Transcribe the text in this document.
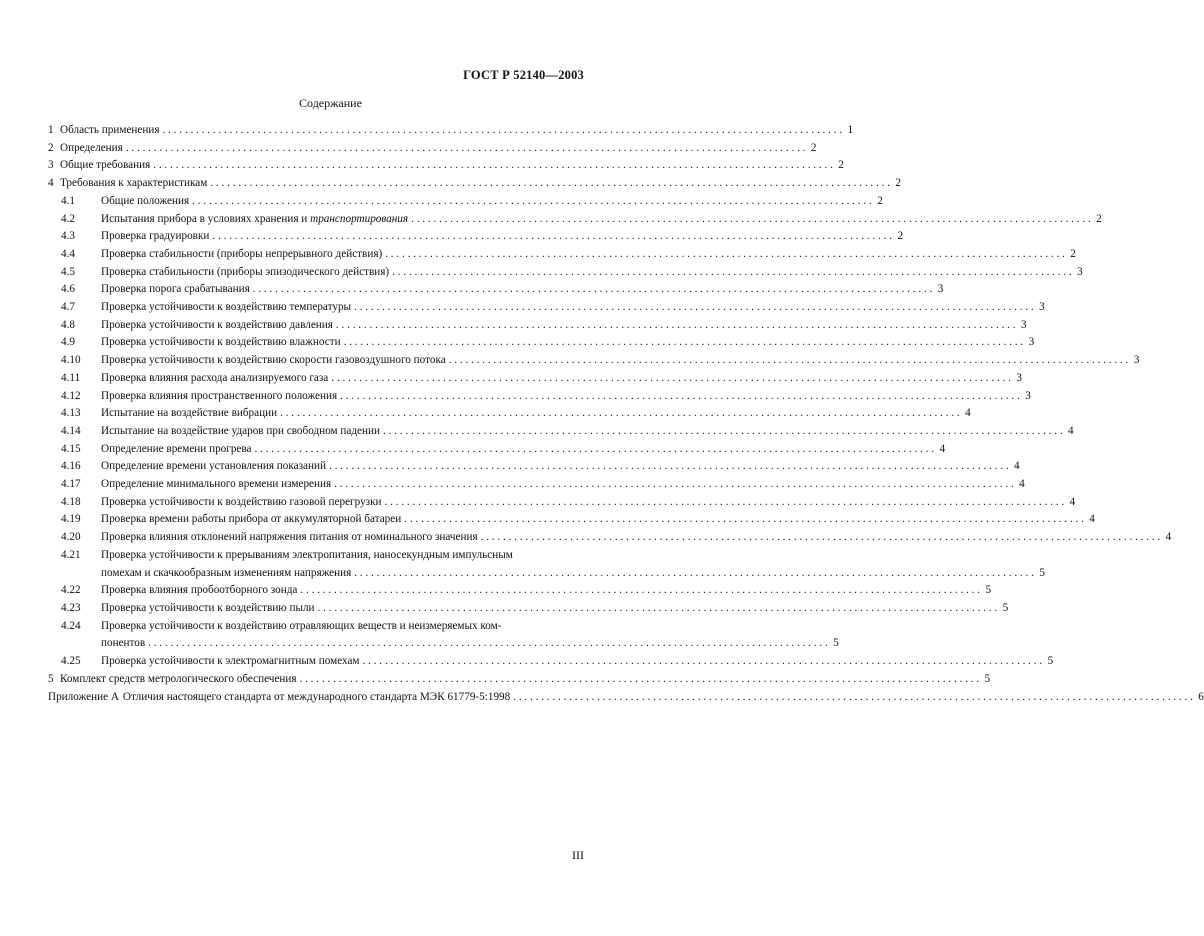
ГОСТ Р 52140—2003
Содержание
1 Область применения . . .	1
2 Определения . . .	2
3 Общие требования . . .	2
4 Требования к характеристикам . . .	2
4.1	Общие положения . . .	2
4.2	Испытания прибора в условиях хранения и транспортирования . . .	2
4.3	Проверка градуировки . . .	2
4.4	Проверка стабильности (приборы непрерывного действия) . . .	2
4.5	Проверка стабильности (приборы эпизодического действия) . . .	3
4.6	Проверка порога срабатывания . . .	3
4.7	Проверка устойчивости к воздействию температуры . . .	3
4.8	Проверка устойчивости к воздействию давления . . .	3
4.9	Проверка устойчивости к воздействию влажности . . .	3
4.10	Проверка устойчивости к воздействию скорости газовоздушного потока . . .	3
4.11	Проверка влияния расхода анализируемого газа . . .	3
4.12	Проверка влияния пространственного положения . . .	3
4.13	Испытание на воздействие вибрации . . .	4
4.14	Испытание на воздействие ударов при свободном падении . . .	4
4.15	Определение времени прогрева . . .	4
4.16	Определение времени установления показаний . . .	4
4.17	Определение минимального времени измерения . . .	4
4.18	Проверка устойчивости к воздействию газовой перегрузки . . .	4
4.19	Проверка времени работы прибора от аккумуляторной батареи . . .	4
4.20	Проверка влияния отклонений напряжения питания от номинального значения . . .	4
4.21	Проверка устойчивости к прерываниям электропитания, наносекундным импульсным
помехам и скачкообразным изменениям напряжения . . .	5
4.22	Проверка влияния пробоотборного зонда . . .	5
4.23	Проверка устойчивости к воздействию пыли . . .	5
4.24	Проверка устойчивости к воздействию отравляющих веществ и неизмеряемых ком-
понентов . . .	5
4.25	Проверка устойчивости к электромагнитным помехам . . .	5
5 Комплект средств метрологического обеспечения . . .	5
Приложение А Отличия настоящего стандарта от международного стандарта МЭК 61779-5:1998 . . .	6
III
